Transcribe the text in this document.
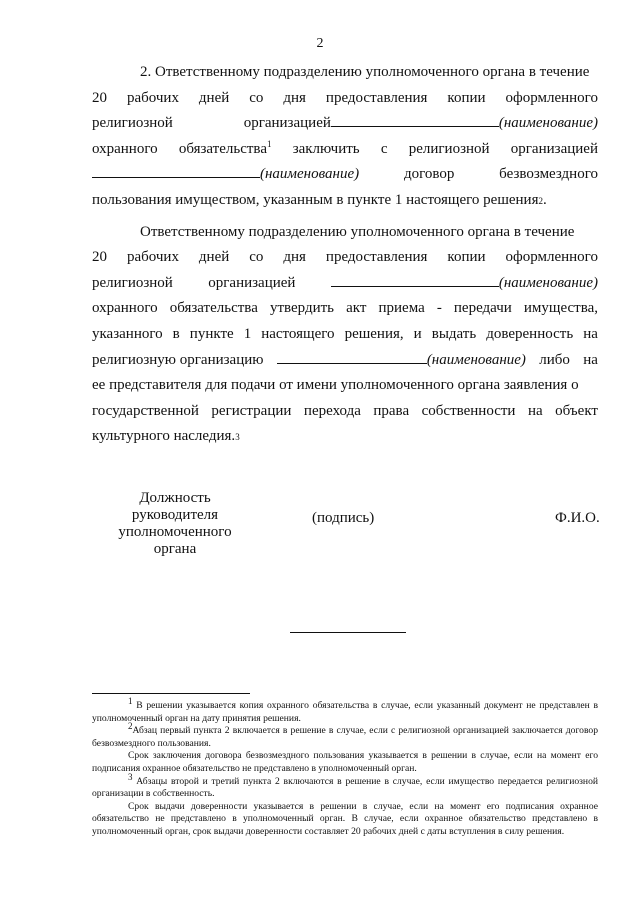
2
2. Ответственному подразделению уполномоченного органа в течение
20 рабочих дней со дня предоставления копии оформленного
религиозной	организацией	(наименование)
охранного обязательства$^1$ заключить с религиозной организацией
(наименование)	договор	безвозмездного
пользования имуществом, указанным в пункте 1 настоящего решения 2 .
Ответственному подразделению уполномоченного органа в течение
20 рабочих дней со дня предоставления копии оформленного
религиозной организацией	(наименование)
охранного обязательства утвердить акт приема - передачи имущества,
указанного в пункте 1 настоящего решения, и выдать доверенность на
религиозную организацию	(наименование) либо на
ее представителя для подачи от имени уполномоченного органа заявления о
государственной регистрации перехода права собственности на объект
культурного наследия. 3
Должность
руководителя
уполномоченного
органа
(подпись)	Ф.И.О.

$^1$ В решении указывается копия охранного обязательства в случае, если указанный документ не представлен в уполномоченный орган на дату принятия решения.

$^2$Абзац первый пункта 2 включается в решение в случае, если с религиозной организацией заключается договор безвозмездного пользования.

Срок заключения договора безвозмездного пользования указывается в решении в случае, если на момент его подписания охранное обязательство не представлено в уполномоченный орган.

$^3$ Абзацы второй и третий пункта 2 включаются в решение в случае, если имущество передается религиозной организации в собственность.

Срок выдачи доверенности указывается в решении в случае, если на момент его подписания охранное обязательство не представлено в уполномоченный орган. В случае, если охранное обязательство представлено в уполномоченный орган, срок выдачи доверенности составляет 20 рабочих дней с даты вступления в силу решения.
